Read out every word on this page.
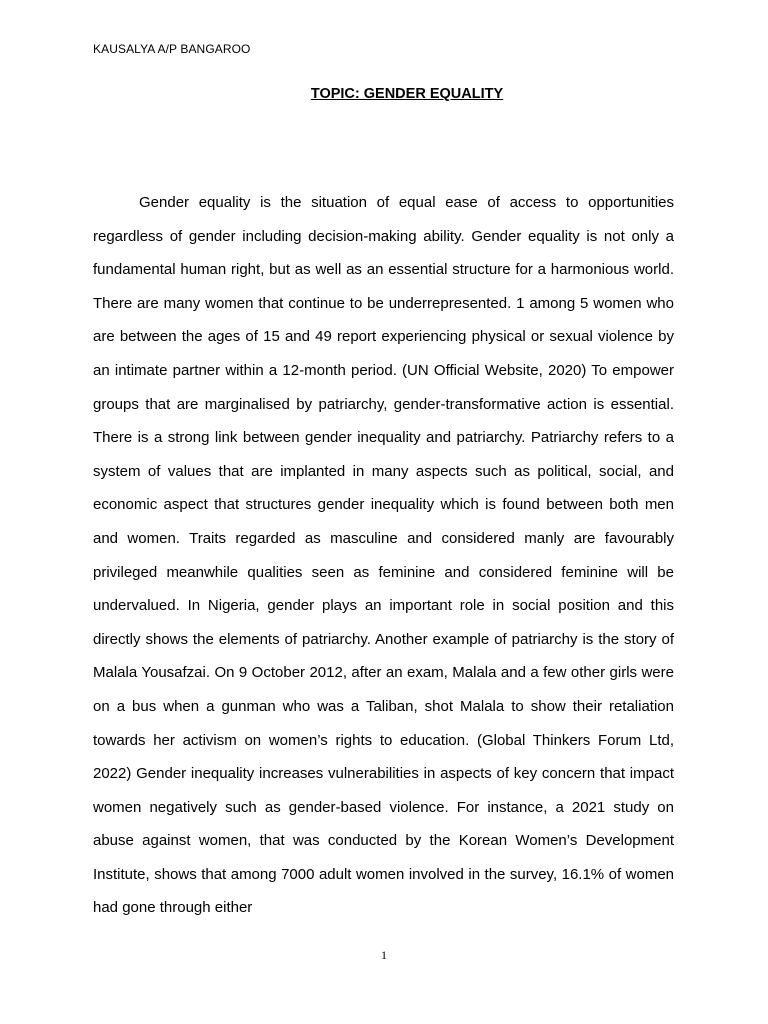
KAUSALYA A/P BANGAROO
TOPIC: GENDER EQUALITY

Gender equality is the situation of equal ease of access to opportunities regardless of gender including decision-making ability. Gender equality is not only a fundamental human right, but as well as an essential structure for a harmonious world. There are many women that continue to be underrepresented. 1 among 5 women who are between the ages of 15 and 49 report experiencing physical or sexual violence by an intimate partner within a 12-month period. (UN Official Website, 2020) To empower groups that are marginalised by patriarchy, gender-transformative action is essential. There is a strong link between gender inequality and patriarchy. Patriarchy refers to a system of values that are implanted in many aspects such as political, social, and economic aspect that structures gender inequality which is found between both men and women. Traits regarded as masculine and considered manly are favourably privileged meanwhile qualities seen as feminine and considered feminine will be undervalued. In Nigeria, gender plays an important role in social position and this directly shows the elements of patriarchy. Another example of patriarchy is the story of Malala Yousafzai. On 9 October 2012, after an exam, Malala and a few other girls were on a bus when a gunman who was a Taliban, shot Malala to show their retaliation towards her activism on women’s rights to education. (Global Thinkers Forum Ltd, 2022) Gender inequality increases vulnerabilities in aspects of key concern that impact women negatively such as gender-based violence. For instance, a 2021 study on abuse against women, that was conducted by the Korean Women’s Development Institute, shows that among 7000 adult women involved in the survey, 16.1% of women had gone through either

1
